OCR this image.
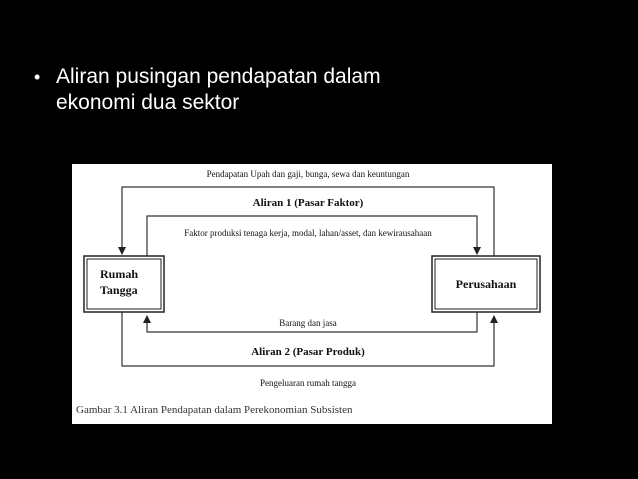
• Aliran pusingan pendapatan dalam
ekonomi dua sektor
Rumah
Tangga	Perusahaan
Pendapatan Upah dan gaji, bunga, sewa dan keuntungan
Aliran 1 (Pasar Faktor)
Faktor produksi tenaga kerja, modal, lahan/asset, dan kewirausahaan
Barang dan jasa
Aliran 2 (Pasar Produk)
Pengeluaran rumah tangga
Gambar 3.1 Aliran Pendapatan dalam Perekonomian Subsisten
